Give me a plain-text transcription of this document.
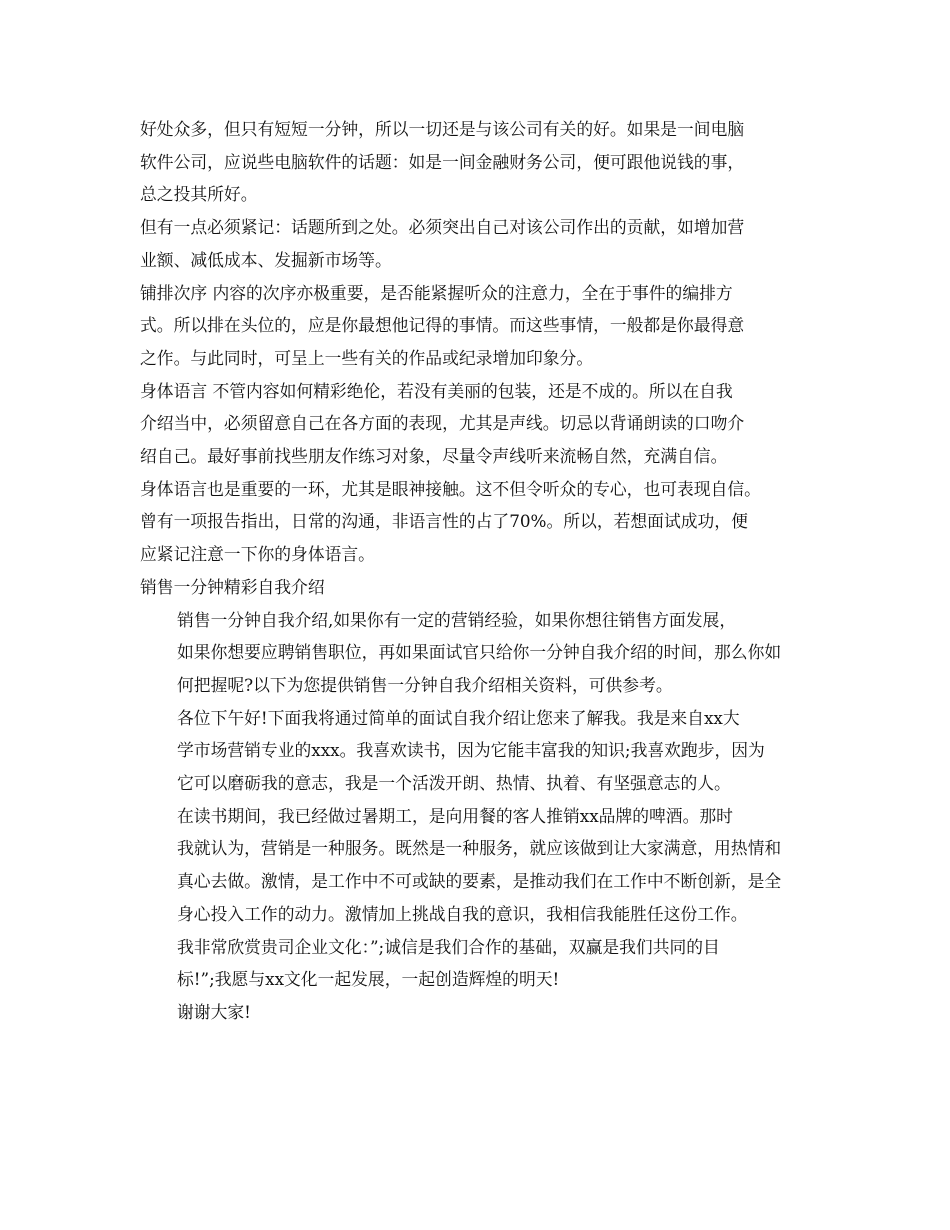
好处众多，但只有短短一分钟，所以一切还是与该公司有关的好。如果是一间电脑
软件公司，应说些电脑软件的话题：如是一间金融财务公司，便可跟他说钱的事，
总之投其所好。

但有一点必须紧记：话题所到之处。必须突出自己对该公司作出的贡献，如增加营
业额、减低成本、发掘新市场等。

铺排次序 内容的次序亦极重要，是否能紧握听众的注意力，全在于事件的编排方
式。所以排在头位的，应是你最想他记得的事情。而这些事情，一般都是你最得意
之作。与此同时，可呈上一些有关的作品或纪录增加印象分。

身体语言 不管内容如何精彩绝伦，若没有美丽的包装，还是不成的。所以在自我
介绍当中，必须留意自己在各方面的表现，尤其是声线。切忌以背诵朗读的口吻介
绍自己。最好事前找些朋友作练习对象，尽量令声线听来流畅自然，充满自信。

身体语言也是重要的一环，尤其是眼神接触。这不但令听众的专心，也可表现自信。
曾有一项报告指出，日常的沟通，非语言性的占了70%。所以，若想面试成功，便
应紧记注意一下你的身体语言。

销售一分钟精彩自我介绍

销售一分钟自我介绍,如果你有一定的营销经验，如果你想往销售方面发展，
如果你想要应聘销售职位，再如果面试官只给你一分钟自我介绍的时间，那么你如
何把握呢?以下为您提供销售一分钟自我介绍相关资料，可供参考。

各位下午好!下面我将通过简单的面试自我介绍让您来了解我。我是来自xx大
学市场营销专业的xxx。我喜欢读书，因为它能丰富我的知识;我喜欢跑步，因为
它可以磨砺我的意志，我是一个活泼开朗、热情、执着、有坚强意志的人。

在读书期间，我已经做过暑期工，是向用餐的客人推销xx品牌的啤酒。那时
我就认为，营销是一种服务。既然是一种服务，就应该做到让大家满意，用热情和
真心去做。激情，是工作中不可或缺的要素，是推动我们在工作中不断创新，是全
身心投入工作的动力。激情加上挑战自我的意识，我相信我能胜任这份工作。

我非常欣赏贵司企业文化：”;诚信是我们合作的基础，双赢是我们共同的目
标!”;我愿与xx文化一起发展，一起创造辉煌的明天!

谢谢大家!
